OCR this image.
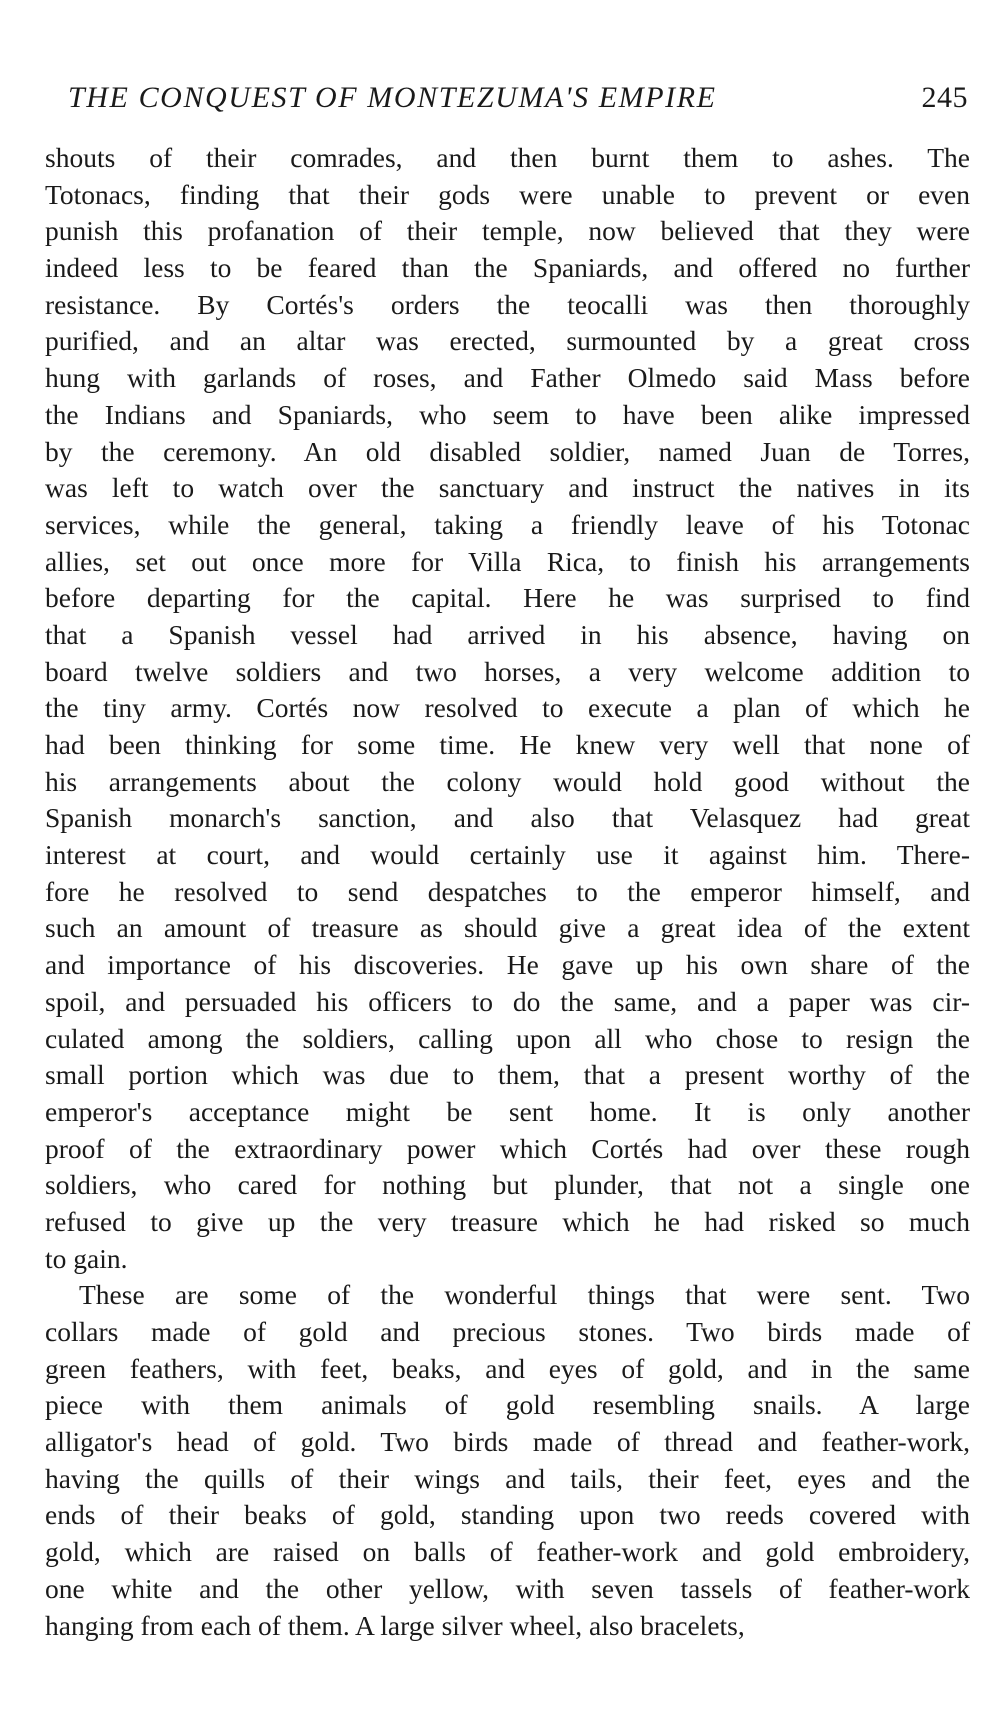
THE CONQUEST OF MONTEZUMA'S EMPIRE	245
shouts of their comrades, and then burnt them to ashes. The
Totonacs, finding that their gods were unable to prevent or even
punish this profanation of their temple, now believed that they were
indeed less to be feared than the Spaniards, and offered no further
resistance. By Cortés's orders the teocalli was then thoroughly
purified, and an altar was erected, surmounted by a great cross
hung with garlands of roses, and Father Olmedo said Mass before
the Indians and Spaniards, who seem to have been alike impressed
by the ceremony. An old disabled soldier, named Juan de Torres,
was left to watch over the sanctuary and instruct the natives in its
services, while the general, taking a friendly leave of his Totonac
allies, set out once more for Villa Rica, to finish his arrangements
before departing for the capital. Here he was surprised to find
that a Spanish vessel had arrived in his absence, having on
board twelve soldiers and two horses, a very welcome addition to
the tiny army. Cortés now resolved to execute a plan of which he
had been thinking for some time. He knew very well that none of
his arrangements about the colony would hold good without the
Spanish monarch's sanction, and also that Velasquez had great
interest at court, and would certainly use it against him. There-
fore he resolved to send despatches to the emperor himself, and
such an amount of treasure as should give a great idea of the extent
and importance of his discoveries. He gave up his own share of the
spoil, and persuaded his officers to do the same, and a paper was cir-
culated among the soldiers, calling upon all who chose to resign the
small portion which was due to them, that a present worthy of the
emperor's acceptance might be sent home. It is only another
proof of the extraordinary power which Cortés had over these rough
soldiers, who cared for nothing but plunder, that not a single one
refused to give up the very treasure which he had risked so much
to gain.
These are some of the wonderful things that were sent. Two
collars made of gold and precious stones. Two birds made of
green feathers, with feet, beaks, and eyes of gold, and in the same
piece with them animals of gold resembling snails. A large
alligator's head of gold. Two birds made of thread and feather-work,
having the quills of their wings and tails, their feet, eyes and the
ends of their beaks of gold, standing upon two reeds covered with
gold, which are raised on balls of feather-work and gold embroidery,
one white and the other yellow, with seven tassels of feather-work
hanging from each of them. A large silver wheel, also bracelets,
